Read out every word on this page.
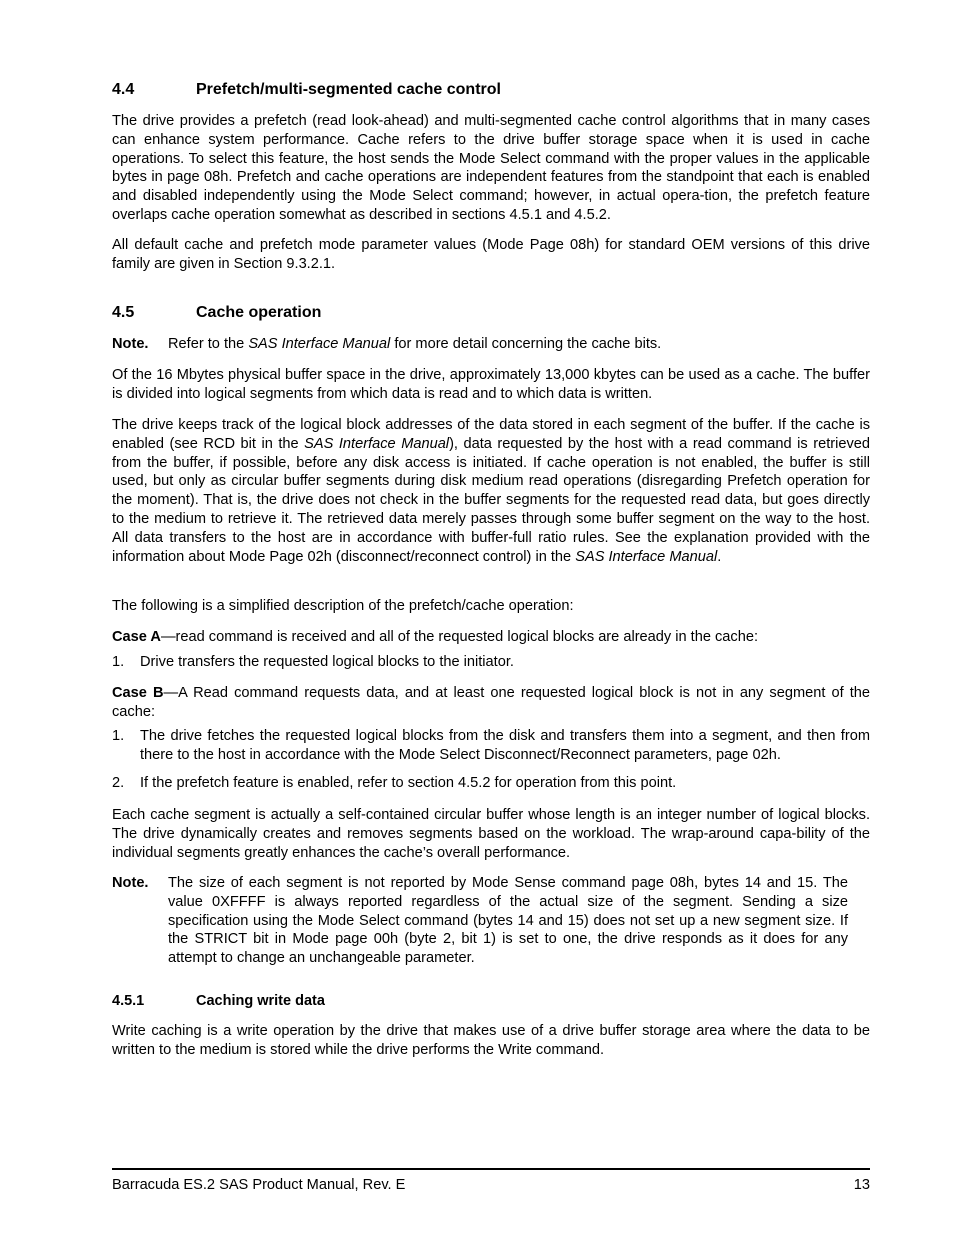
4.4	Prefetch/multi-segmented cache control
The drive provides a prefetch (read look-ahead) and multi-segmented cache control algorithms that in many cases can enhance system performance. Cache refers to the drive buffer storage space when it is used in cache operations. To select this feature, the host sends the Mode Select command with the proper values in the applicable bytes in page 08h. Prefetch and cache operations are independent features from the standpoint that each is enabled and disabled independently using the Mode Select command; however, in actual opera-tion, the prefetch feature overlaps cache operation somewhat as described in sections 4.5.1 and 4.5.2.
All default cache and prefetch mode parameter values (Mode Page 08h) for standard OEM versions of this drive family are given in Section 9.3.2.1.
4.5	Cache operation
Note. Refer to the SAS Interface Manual for more detail concerning the cache bits.
Of the 16 Mbytes physical buffer space in the drive, approximately 13,000 kbytes can be used as a cache. The buffer is divided into logical segments from which data is read and to which data is written.
The drive keeps track of the logical block addresses of the data stored in each segment of the buffer. If the cache is enabled (see RCD bit in the SAS Interface Manual), data requested by the host with a read command is retrieved from the buffer, if possible, before any disk access is initiated. If cache operation is not enabled, the buffer is still used, but only as circular buffer segments during disk medium read operations (disregarding Prefetch operation for the moment). That is, the drive does not check in the buffer segments for the requested read data, but goes directly to the medium to retrieve it. The retrieved data merely passes through some buffer segment on the way to the host. All data transfers to the host are in accordance with buffer-full ratio rules. See the explanation provided with the information about Mode Page 02h (disconnect/reconnect control) in the SAS Interface Manual.
The following is a simplified description of the prefetch/cache operation:
Case A—read command is received and all of the requested logical blocks are already in the cache:
1. Drive transfers the requested logical blocks to the initiator.
Case B—A Read command requests data, and at least one requested logical block is not in any segment of the cache:
1. The drive fetches the requested logical blocks from the disk and transfers them into a segment, and then from there to the host in accordance with the Mode Select Disconnect/Reconnect parameters, page 02h.
2. If the prefetch feature is enabled, refer to section 4.5.2 for operation from this point.
Each cache segment is actually a self-contained circular buffer whose length is an integer number of logical blocks. The drive dynamically creates and removes segments based on the workload. The wrap-around capa-bility of the individual segments greatly enhances the cache’s overall performance.
Note. The size of each segment is not reported by Mode Sense command page 08h, bytes 14 and 15. The value 0XFFFF is always reported regardless of the actual size of the segment. Sending a size specification using the Mode Select command (bytes 14 and 15) does not set up a new segment size. If the STRICT bit in Mode page 00h (byte 2, bit 1) is set to one, the drive responds as it does for any attempt to change an unchangeable parameter.
4.5.1	Caching write data
Write caching is a write operation by the drive that makes use of a drive buffer storage area where the data to be written to the medium is stored while the drive performs the Write command.
Barracuda ES.2 SAS Product Manual, Rev. E	13
